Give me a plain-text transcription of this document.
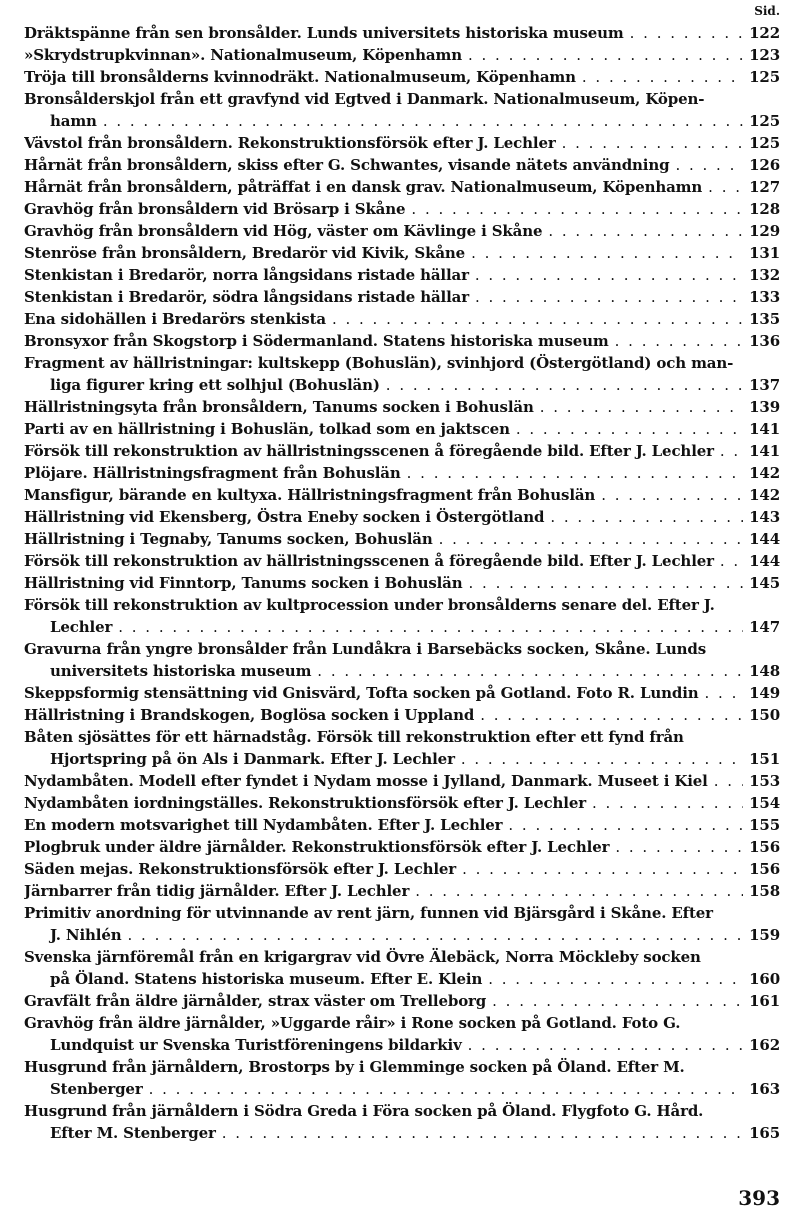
Sid.
Dräktspänne från sen bronsålder. Lunds universitets historiska museum . . .	122
»Skrydstrupkvinnan». Nationalmuseum, Köpenhamn . . .	123
Tröja till bronsålderns kvinnodräkt. Nationalmuseum, Köpenhamn . . .	125
Bronsålderskjol från ett gravfynd vid Egtved i Danmark. Nationalmuseum, Köpen-
hamn . . .	125
Vävstol från bronsåldern. Rekonstruktionsförsök efter J. Lechler . . .	125
Hårnät från bronsåldern, skiss efter G. Schwantes, visande nätets användning . . .	126
Hårnät från bronsåldern, påträffat i en dansk grav. Nationalmuseum, Köpenhamn . . .	127
Gravhög från bronsåldern vid Brösarp i Skåne . . .	128
Gravhög från bronsåldern vid Hög, väster om Kävlinge i Skåne . . .	129
Stenröse från bronsåldern, Bredarör vid Kivik, Skåne . . .	131
Stenkistan i Bredarör, norra långsidans ristade hällar . . .	132
Stenkistan i Bredarör, södra långsidans ristade hällar . . .	133
Ena sidohällen i Bredarörs stenkista . . .	135
Bronsyxor från Skogstorp i Södermanland. Statens historiska museum . . .	136
Fragment av hällristningar: kultskepp (Bohuslän), svinhjord (Östergötland) och man-
liga figurer kring ett solhjul (Bohuslän) . . .	137
Hällristningsyta från bronsåldern, Tanums socken i Bohuslän . . .	139
Parti av en hällristning i Bohuslän, tolkad som en jaktscen . . .	141
Försök till rekonstruktion av hällristningsscenen å föregående bild. Efter J. Lechler . . . 141
Plöjare. Hällristningsfragment från Bohuslän . . .	142
Mansfigur, bärande en kultyxa. Hällristningsfragment från Bohuslän . . .	142
Hällristning vid Ekensberg, Östra Eneby socken i Östergötland . . .	143
Hällristning i Tegnaby, Tanums socken, Bohuslän . . .	144
Försök till rekonstruktion av hällristningsscenen å föregående bild. Efter J. Lechler . . . 144
Hällristning vid Finntorp, Tanums socken i Bohuslän . . .	145
Försök till rekonstruktion av kultprocession under bronsålderns senare del. Efter J.
Lechler . . .	147
Gravurna från yngre bronsålder från Lundåkra i Barsebäcks socken, Skåne. Lunds
universitets historiska museum . . .	148
Skeppsformig stensättning vid Gnisvärd, Tofta socken på Gotland. Foto R. Lundin . . .	149
Hällristning i Brandskogen, Boglösa socken i Uppland . . .	150
Båten sjösättes för ett härnadståg. Försök till rekonstruktion efter ett fynd från
Hjortspring på ön Als i Danmark. Efter J. Lechler . . .	151
Nydambåten. Modell efter fyndet i Nydam mosse i Jylland, Danmark. Museet i Kiel . . .	153
Nydambåten iordningställes. Rekonstruktionsförsök efter J. Lechler . . .	154
En modern motsvarighet till Nydambåten. Efter J. Lechler . . .	155
Plogbruk under äldre järnålder. Rekonstruktionsförsök efter J. Lechler . . .	156
Säden mejas. Rekonstruktionsförsök efter J. Lechler . . .	156
Järnbarrer från tidig järnålder. Efter J. Lechler . . .	158
Primitiv anordning för utvinnande av rent järn, funnen vid Bjärsgård i Skåne. Efter
J. Nihlén . . .	159
Svenska järnföremål från en krigargrav vid Övre Älebäck, Norra Möckleby socken
på Öland. Statens historiska museum. Efter E. Klein . . .	160
Gravfält från äldre järnålder, strax väster om Trelleborg . . .	161
Gravhög från äldre järnålder, »Uggarde råir» i Rone socken på Gotland. Foto G.
Lundquist ur Svenska Turistföreningens bildarkiv . . .	162
Husgrund från järnåldern, Brostorps by i Glemminge socken på Öland. Efter M.
Stenberger . . .	163
Husgrund från järnåldern i Södra Greda i Föra socken på Öland. Flygfoto G. Hård.
Efter M. Stenberger . . .	165
393
